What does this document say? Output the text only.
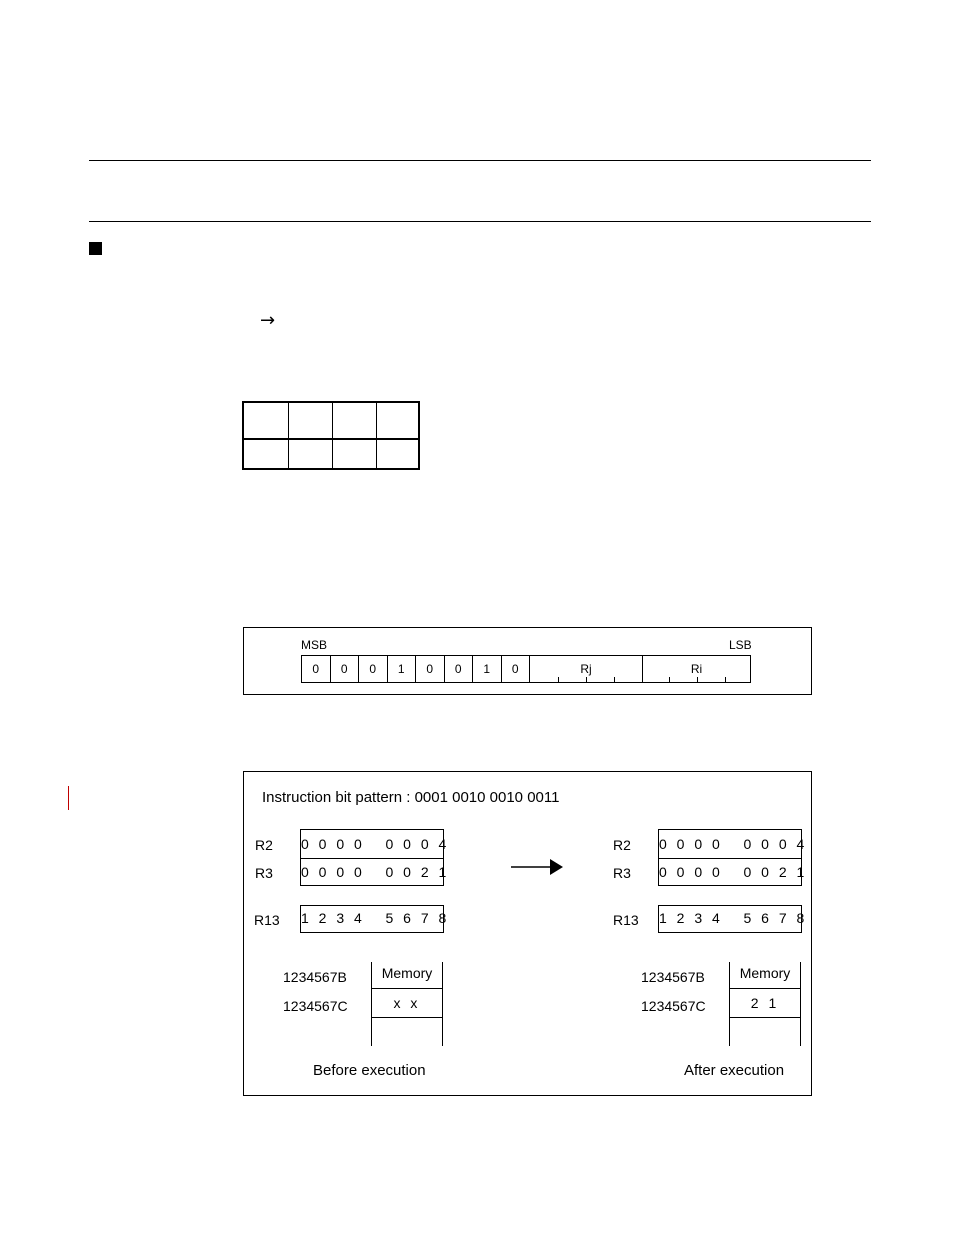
→
MSB	LSB
0	0	0	1	0	0	1	0	Rj	Ri
Instruction bit pattern : 0001 0010 0010 0011
R2
R3
0 0 0 0   0 0 0 4
0 0 0 0   0 0 2 1
R13 1 2 3 4   5 6 7 8
1234567B
1234567C
Memory
x x
Before execution
R2
R3
0 0 0 0   0 0 0 4
0 0 0 0   0 0 2 1
R13 1 2 3 4   5 6 7 8
1234567B
1234567C
Memory
2 1
After execution
